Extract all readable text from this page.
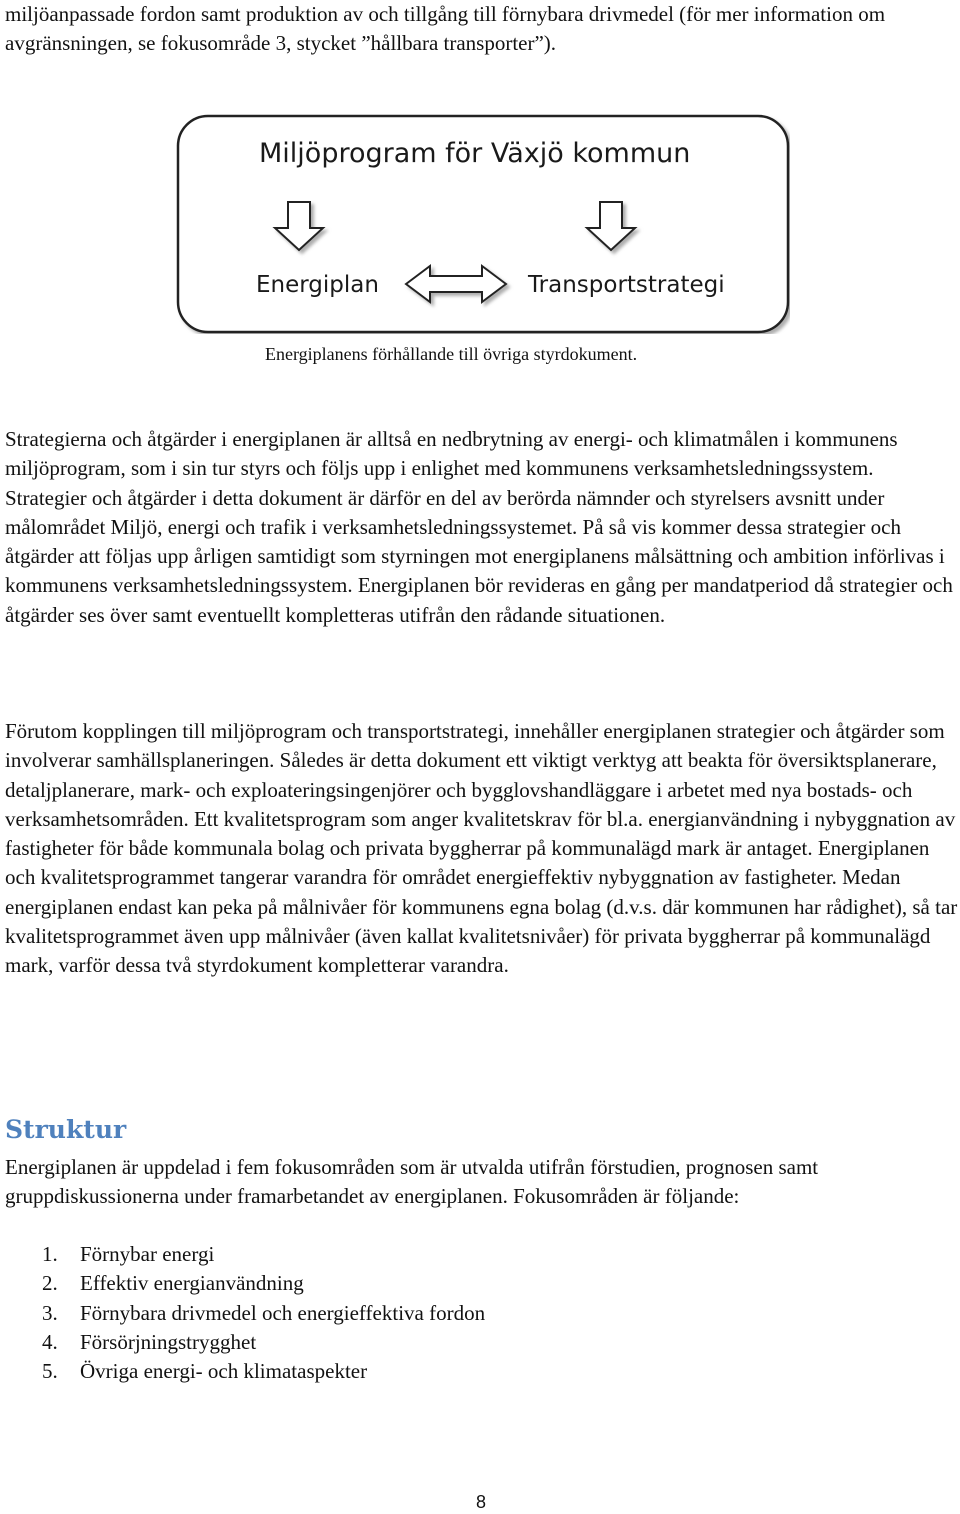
miljöanpassade fordon samt produktion av och tillgång till förnybara drivmedel (för mer information om avgränsningen, se fokusområde 3, stycket ”hållbara transporter”).

Miljöprogram för Växjö kommun
Energiplan	Transportstrategi
Energiplanens förhållande till övriga styrdokument.

Strategierna och åtgärder i energiplanen är alltså en nedbrytning av energi- och klimatmålen i kommunens miljöprogram, som i sin tur styrs och följs upp i enlighet med kommunens verksamhetsledningssystem. Strategier och åtgärder i detta dokument är därför en del av berörda nämnder och styrelsers avsnitt under målområdet Miljö, energi och trafik i verksamhetsledningssystemet. På så vis kommer dessa strategier och åtgärder att följas upp årligen samtidigt som styrningen mot energiplanens målsättning och ambition införlivas i kommunens verksamhetsledningssystem. Energiplanen bör revideras en gång per mandatperiod då strategier och åtgärder ses över samt eventuellt kompletteras utifrån den rådande situationen.

Förutom kopplingen till miljöprogram och transportstrategi, innehåller energiplanen strategier och åtgärder som involverar samhällsplaneringen. Således är detta dokument ett viktigt verktyg att beakta för översiktsplanerare, detaljplanerare, mark- och exploateringsingenjörer och bygglovshandläggare i arbetet med nya bostads- och verksamhetsområden. Ett kvalitetsprogram som anger kvalitetskrav för bl.a. energianvändning i nybyggnation av fastigheter för både kommunala bolag och privata byggherrar på kommunalägd mark är antaget. Energiplanen och kvalitetsprogrammet tangerar varandra för området energieffektiv nybyggnation av fastigheter. Medan energiplanen endast kan peka på målnivåer för kommunens egna bolag (d.v.s. där kommunen har rådighet), så tar kvalitetsprogrammet även upp målnivåer (även kallat kvalitetsnivåer) för privata byggherrar på kommunalägd mark, varför dessa två styrdokument kompletterar varandra.

Struktur

Energiplanen är uppdelad i fem fokusområden som är utvalda utifrån förstudien, prognosen samt gruppdiskussionerna under framarbetandet av energiplanen. Fokusområden är följande:

1.	Förnybar energi
2.	Effektiv energianvändning
3.	Förnybara drivmedel och energieffektiva fordon
4.	Försörjningstrygghet
5.	Övriga energi- och klimataspekter
8
